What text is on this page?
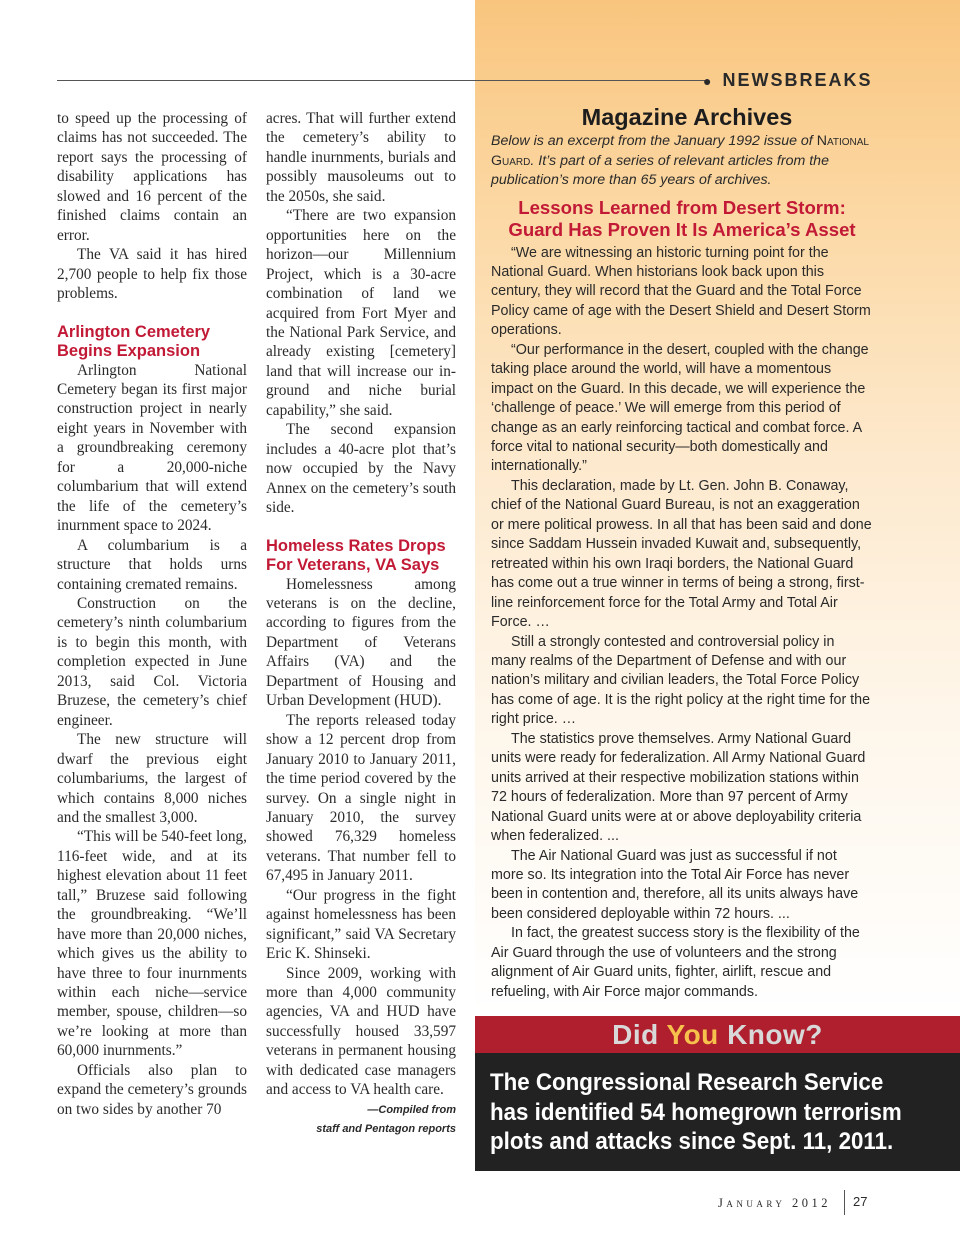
● NEWSBREAKS

to speed up the processing of claims has not succeeded. The report says the processing of disability applications has slowed and 16 percent of the finished claims contain an error.

The VA said it has hired 2,700 people to help fix those problems.

Arlington Cemetery Begins Expansion

Arlington National Cemetery began its first major construction project in nearly eight years in November with a groundbreaking ceremony for a 20,000-niche columbarium that will extend the life of the cemetery’s inurnment space to 2024.

A columbarium is a structure that holds urns containing cremated remains.

Construction on the cemetery’s ninth columbarium is to begin this month, with completion expected in June 2013, said Col. Victoria Bruzese, the cemetery’s chief engineer.

The new structure will dwarf the previous eight columbariums, the largest of which contains 8,000 niches and the smallest 3,000.

“This will be 540-feet long, 116-feet wide, and at its highest elevation about 11 feet tall,” Bruzese said following the groundbreaking. “We’ll have more than 20,000 niches, which gives us the ability to have three to four inurnments within each niche—service member, spouse, children—so we’re looking at more than 60,000 inurnments.”

Officials also plan to expand the cemetery’s grounds on two sides by another 70

acres. That will further extend the cemetery’s ability to handle inurnments, burials and possibly mausoleums out to the 2050s, she said.

“There are two expansion opportunities here on the horizon—our Millennium Project, which is a 30-acre combination of land we acquired from Fort Myer and the National Park Service, and already existing [cemetery] land that will increase our in-ground and niche burial capability,” she said.

The second expansion includes a 40-acre plot that’s now occupied by the Navy Annex on the cemetery’s south side.

Homeless Rates Drops For Veterans, VA Says

Homelessness among veterans is on the decline, according to figures from the Department of Veterans Affairs (VA) and the Department of Housing and Urban Development (HUD).

The reports released today show a 12 percent drop from January 2010 to January 2011, the time period covered by the survey. On a single night in January 2010, the survey showed 76,329 homeless veterans. That number fell to 67,495 in January 2011.

“Our progress in the fight against homelessness has been significant,” said VA Secretary Eric K. Shinseki.

Since 2009, working with more than 4,000 community agencies, VA and HUD have successfully housed 33,597 veterans in permanent housing with dedicated case managers and access to VA health care.

—Compiled from
staff and Pentagon reports
Magazine Archives
Below is an excerpt from the January 1992 issue of National Guard. It’s part of a series of relevant articles from the publication’s more than 65 years of archives.
Lessons Learned from Desert Storm:
Guard Has Proven It Is America’s Asset

“We are witnessing an historic turning point for the National Guard. When historians look back upon this century, they will record that the Guard and the Total Force Policy came of age with the Desert Shield and Desert Storm operations.

“Our performance in the desert, coupled with the change taking place around the world, will have a momentous impact on the Guard. In this decade, we will experience the ‘challenge of peace.’ We will emerge from this period of change as an early reinforcing tactical and combat force. A force vital to national security—both domestically and internationally.”

This declaration, made by Lt. Gen. John B. Conaway, chief of the National Guard Bureau, is not an exaggeration or mere political prowess. In all that has been said and done since Saddam Hussein invaded Kuwait and, subsequently, retreated within his own Iraqi borders, the National Guard has come out a true winner in terms of being a strong, first-line reinforcement force for the Total Army and Total Air Force. …

Still a strongly contested and controversial policy in many realms of the Department of Defense and with our nation’s military and civilian leaders, the Total Force Policy has come of age. It is the right policy at the right time for the right price. …

The statistics prove themselves. Army National Guard units were ready for federalization. All Army National Guard units arrived at their respective mobilization stations within 72 hours of federalization. More than 97 percent of Army National Guard units were at or above deployability criteria when federalized. ...

The Air National Guard was just as successful if not more so. Its integration into the Total Air Force has never been in contention and, therefore, all its units always have been considered deployable within 72 hours. ...

In fact, the greatest success story is the flexibility of the Air Guard through the use of volunteers and the strong alignment of Air Guard units, fighter, airlift, rescue and refueling, with Air Force major commands.

Did You Know?
The Congressional Research Service
has identified 54 homegrown terrorism
plots and attacks since Sept. 11, 2011.
January 2012 27
